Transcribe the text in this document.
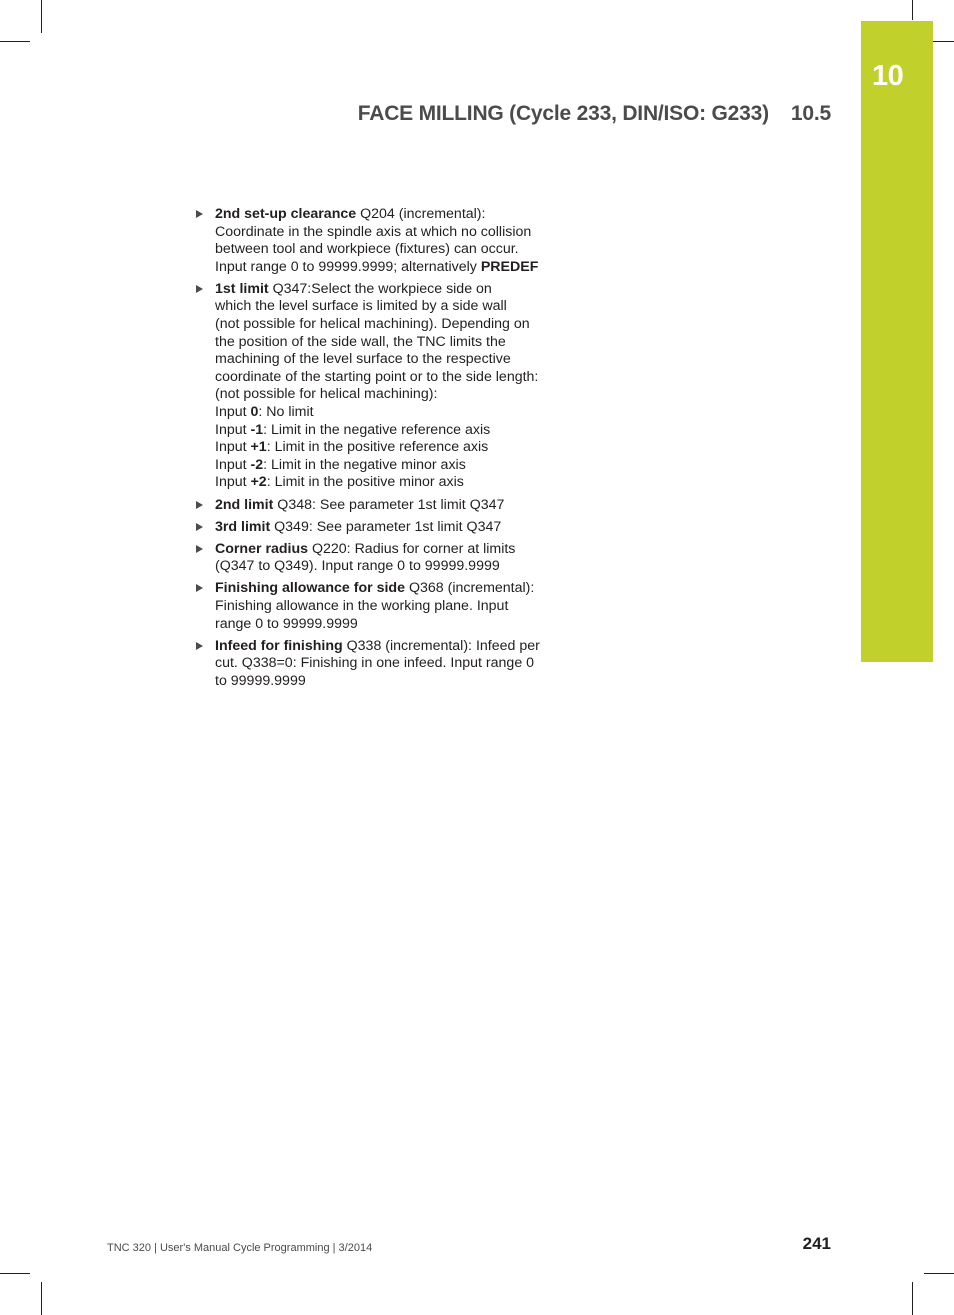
10
FACE MILLING (Cycle 233, DIN/ISO: G233) 10.5
2nd set-up clearance Q204 (incremental):
Coordinate in the spindle axis at which no collision
between tool and workpiece (fixtures) can occur.
Input range 0 to 99999.9999; alternatively PREDEF
1st limit Q347:Select the workpiece side on
which the level surface is limited by a side wall
(not possible for helical machining). Depending on
the position of the side wall, the TNC limits the
machining of the level surface to the respective
coordinate of the starting point or to the side length:
(not possible for helical machining):
Input 0: No limit
Input -1: Limit in the negative reference axis
Input +1: Limit in the positive reference axis
Input -2: Limit in the negative minor axis
Input +2: Limit in the positive minor axis
2nd limit Q348: See parameter 1st limit Q347
3rd limit Q349: See parameter 1st limit Q347
Corner radius Q220: Radius for corner at limits
(Q347 to Q349). Input range 0 to 99999.9999
Finishing allowance for side Q368 (incremental):
Finishing allowance in the working plane. Input
range 0 to 99999.9999
Infeed for finishing Q338 (incremental): Infeed per
cut. Q338=0: Finishing in one infeed. Input range 0
to 99999.9999
TNC 320 | User's Manual Cycle Programming | 3/2014	241
